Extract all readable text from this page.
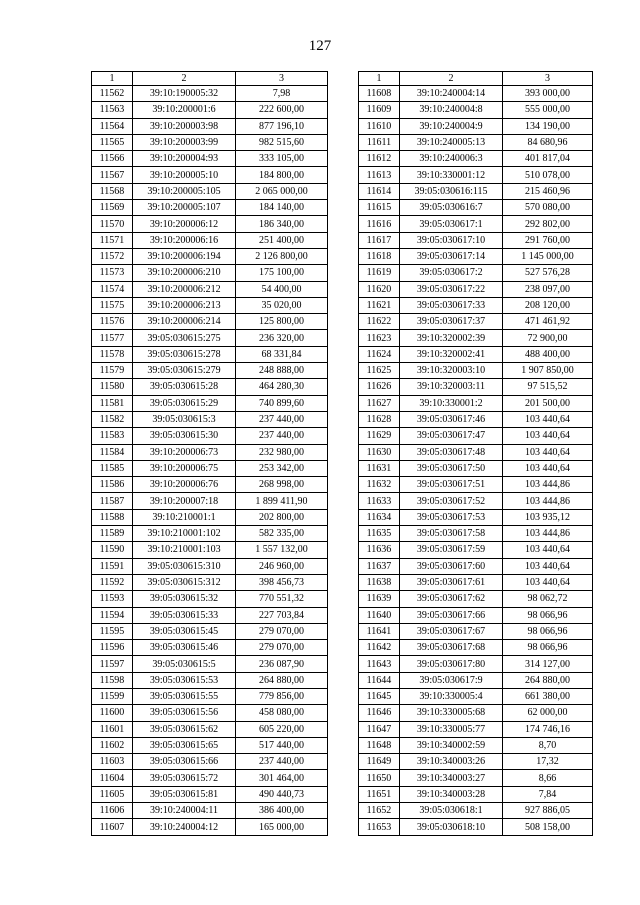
127
1	2	3
11562	39:10:190005:32	7,98
11563	39:10:200001:6	222 600,00
11564	39:10:200003:98	877 196,10
11565	39:10:200003:99	982 515,60
11566	39:10:200004:93	333 105,00
11567	39:10:200005:10	184 800,00
11568	39:10:200005:105	2 065 000,00
11569	39:10:200005:107	184 140,00
11570	39:10:200006:12	186 340,00
11571	39:10:200006:16	251 400,00
11572	39:10:200006:194	2 126 800,00
11573	39:10:200006:210	175 100,00
11574	39:10:200006:212	54 400,00
11575	39:10:200006:213	35 020,00
11576	39:10:200006:214	125 800,00
11577	39:05:030615:275	236 320,00
11578	39:05:030615:278	68 331,84
11579	39:05:030615:279	248 888,00
11580	39:05:030615:28	464 280,30
11581	39:05:030615:29	740 899,60
11582	39:05:030615:3	237 440,00
11583	39:05:030615:30	237 440,00
11584	39:10:200006:73	232 980,00
11585	39:10:200006:75	253 342,00
11586	39:10:200006:76	268 998,00
11587	39:10:200007:18	1 899 411,90
11588	39:10:210001:1	202 800,00
11589	39:10:210001:102	582 335,00
11590	39:10:210001:103	1 557 132,00
11591	39:05:030615:310	246 960,00
11592	39:05:030615:312	398 456,73
11593	39:05:030615:32	770 551,32
11594	39:05:030615:33	227 703,84
11595	39:05:030615:45	279 070,00
11596	39:05:030615:46	279 070,00
11597	39:05:030615:5	236 087,90
11598	39:05:030615:53	264 880,00
11599	39:05:030615:55	779 856,00
11600	39:05:030615:56	458 080,00
11601	39:05:030615:62	605 220,00
11602	39:05:030615:65	517 440,00
11603	39:05:030615:66	237 440,00
11604	39:05:030615:72	301 464,00
11605	39:05:030615:81	490 440,73
11606	39:10:240004:11	386 400,00
11607	39:10:240004:12	165 000,00
1	2	3
11608	39:10:240004:14	393 000,00
11609	39:10:240004:8	555 000,00
11610	39:10:240004:9	134 190,00
11611	39:10:240005:13	84 680,96
11612	39:10:240006:3	401 817,04
11613	39:10:330001:12	510 078,00
11614	39:05:030616:115	215 460,96
11615	39:05:030616:7	570 080,00
11616	39:05:030617:1	292 802,00
11617	39:05:030617:10	291 760,00
11618	39:05:030617:14	1 145 000,00
11619	39:05:030617:2	527 576,28
11620	39:05:030617:22	238 097,00
11621	39:05:030617:33	208 120,00
11622	39:05:030617:37	471 461,92
11623	39:10:320002:39	72 900,00
11624	39:10:320002:41	488 400,00
11625	39:10:320003:10	1 907 850,00
11626	39:10:320003:11	97 515,52
11627	39:10:330001:2	201 500,00
11628	39:05:030617:46	103 440,64
11629	39:05:030617:47	103 440,64
11630	39:05:030617:48	103 440,64
11631	39:05:030617:50	103 440,64
11632	39:05:030617:51	103 444,86
11633	39:05:030617:52	103 444,86
11634	39:05:030617:53	103 935,12
11635	39:05:030617:58	103 444,86
11636	39:05:030617:59	103 440,64
11637	39:05:030617:60	103 440,64
11638	39:05:030617:61	103 440,64
11639	39:05:030617:62	98 062,72
11640	39:05:030617:66	98 066,96
11641	39:05:030617:67	98 066,96
11642	39:05:030617:68	98 066,96
11643	39:05:030617:80	314 127,00
11644	39:05:030617:9	264 880,00
11645	39:10:330005:4	661 380,00
11646	39:10:330005:68	62 000,00
11647	39:10:330005:77	174 746,16
11648	39:10:340002:59	8,70
11649	39:10:340003:26	17,32
11650	39:10:340003:27	8,66
11651	39:10:340003:28	7,84
11652	39:05:030618:1	927 886,05
11653	39:05:030618:10	508 158,00
